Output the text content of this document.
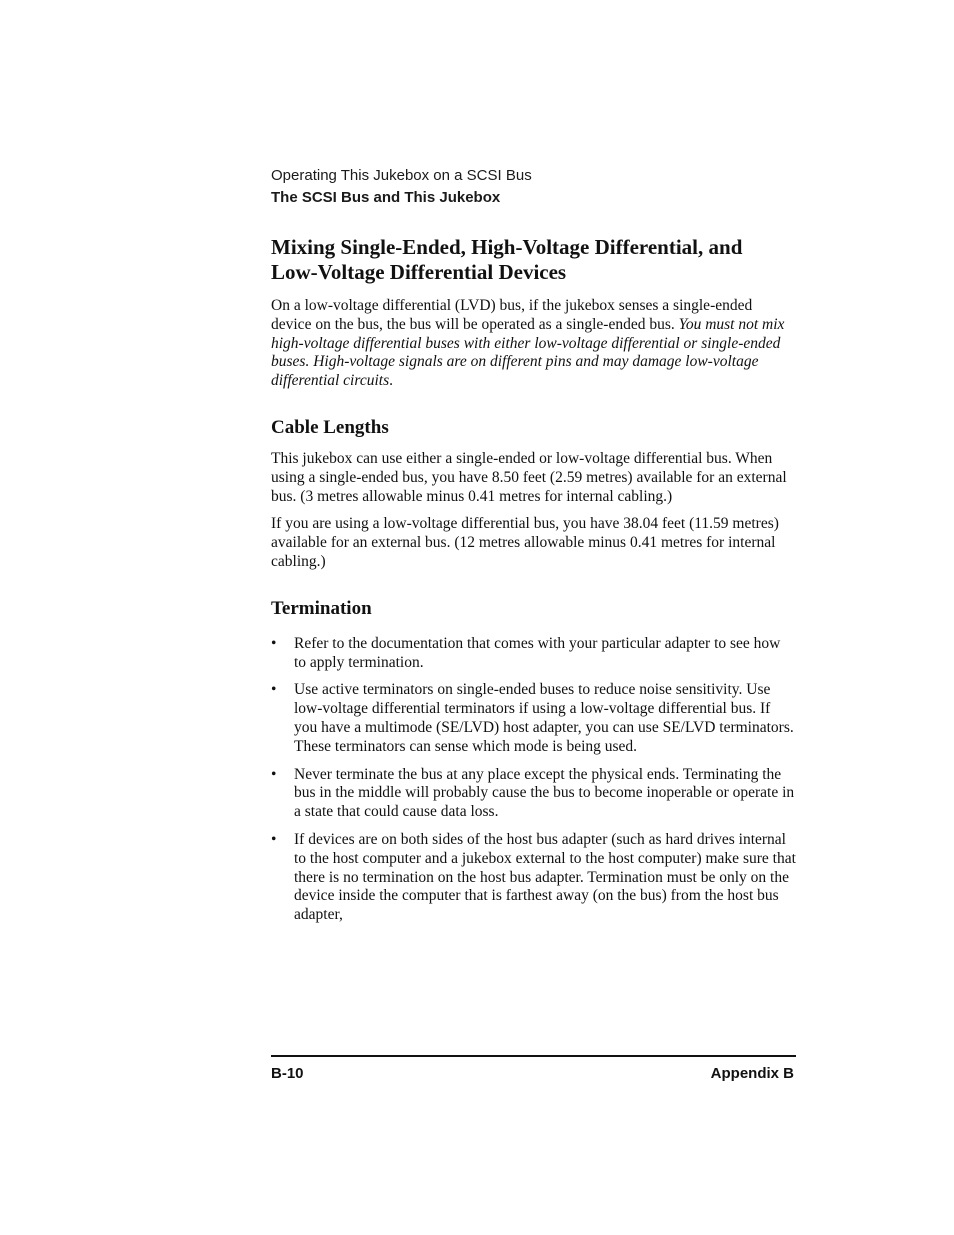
Operating This Jukebox on a SCSI Bus
The SCSI Bus and This Jukebox
Mixing Single-Ended, High-Voltage Differential, and
Low-Voltage Differential Devices

On a low-voltage differential (LVD) bus, if the jukebox senses a single-ended device on the bus, the bus will be operated as a single-ended bus. You must not mix high-voltage differential buses with either low-voltage differential or single-ended buses. High-voltage signals are on different pins and may damage low-voltage differential circuits.

Cable Lengths

This jukebox can use either a single-ended or low-voltage differential bus. When using a single-ended bus, you have 8.50 feet (2.59 metres) available for an external bus. (3 metres allowable minus 0.41 metres for internal cabling.)

If you are using a low-voltage differential bus, you have 38.04 feet (11.59 metres) available for an external bus. (12 metres allowable minus 0.41 metres for internal cabling.)

Termination
• Refer to the documentation that comes with your particular adapter to see how to apply termination.
• Use active terminators on single-ended buses to reduce noise sensitivity. Use low-voltage differential terminators if using a low-voltage differential bus. If you have a multimode (SE/LVD) host adapter, you can use SE/LVD terminators. These terminators can sense which mode is being used.
• Never terminate the bus at any place except the physical ends. Terminating the bus in the middle will probably cause the bus to become inoperable or operate in a state that could cause data loss.
• If devices are on both sides of the host bus adapter (such as hard drives internal to the host computer and a jukebox external to the host computer) make sure that there is no termination on the host bus adapter. Termination must be only on the device inside the computer that is farthest away (on the bus) from the host bus adapter,
B-10	Appendix B
